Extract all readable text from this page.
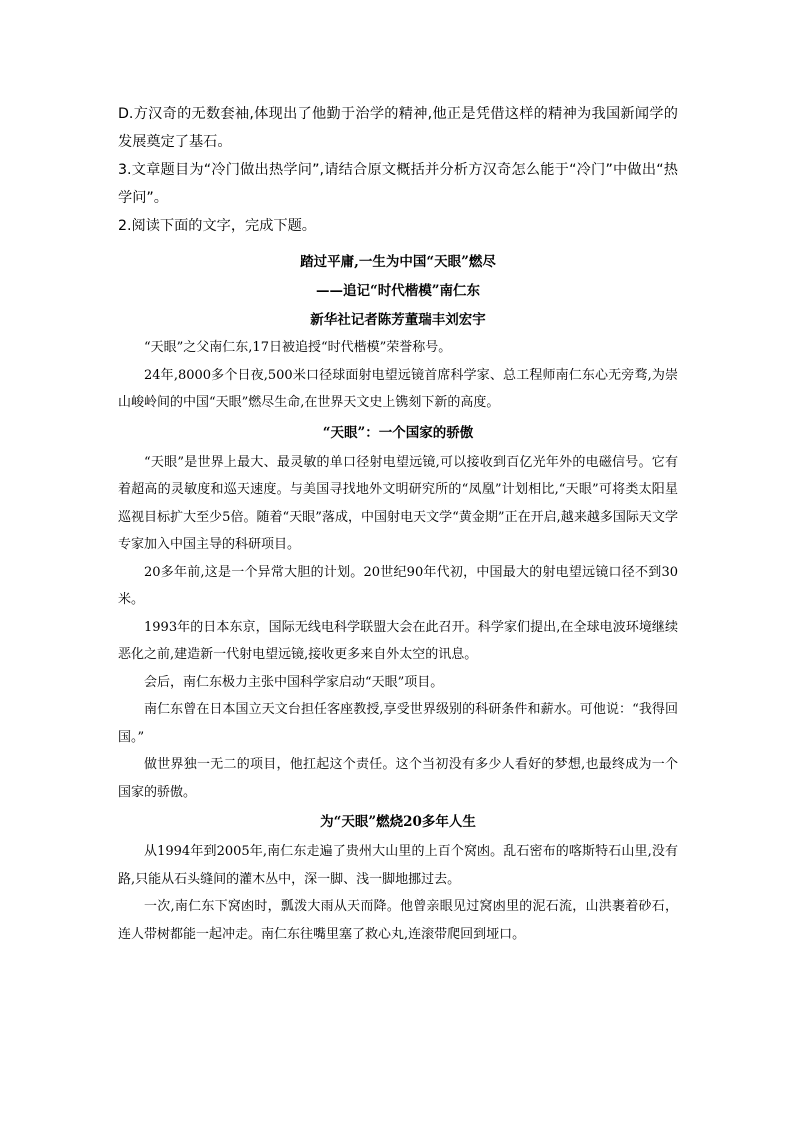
D.方汉奇的无数套袖,体现出了他勤于治学的精神,他正是凭借这样的精神为我国新闻学的发展奠定了基石。

3.文章题目为“冷门做出热学问”,请结合原文概括并分析方汉奇怎么能于“冷门”中做出“热学问”。

2.阅读下面的文字，完成下题。

踏过平庸,一生为中国“天眼”燃尽

——追记“时代楷模”南仁东

新华社记者陈芳董瑞丰刘宏宇

“天眼”之父南仁东,17日被追授“时代楷模”荣誉称号。

24年,8000多个日夜,500米口径球面射电望远镜首席科学家、总工程师南仁东心无旁骛,为崇山峻岭间的中国“天眼”燃尽生命,在世界天文史上镌刻下新的高度。

“天眼”：一个国家的骄傲

“天眼”是世界上最大、最灵敏的单口径射电望远镜,可以接收到百亿光年外的电磁信号。它有着超高的灵敏度和巡天速度。与美国寻找地外文明研究所的“凤凰”计划相比,“天眼”可将类太阳星巡视目标扩大至少5倍。随着“天眼”落成，中国射电天文学“黄金期”正在开启,越来越多国际天文学专家加入中国主导的科研项目。

20多年前,这是一个异常大胆的计划。20世纪90年代初，中国最大的射电望远镜口径不到30米。

1993年的日本东京，国际无线电科学联盟大会在此召开。科学家们提出,在全球电波环境继续恶化之前,建造新一代射电望远镜,接收更多来自外太空的讯息。

会后，南仁东极力主张中国科学家启动“天眼”项目。

南仁东曾在日本国立天文台担任客座教授,享受世界级别的科研条件和薪水。可他说：“我得回国。”

做世界独一无二的项目，他扛起这个责任。这个当初没有多少人看好的梦想,也最终成为一个国家的骄傲。

为“天眼”燃烧20多年人生

从1994年到2005年,南仁东走遍了贵州大山里的上百个窝凼。乱石密布的喀斯特石山里,没有路,只能从石头缝间的灌木丛中，深一脚、浅一脚地挪过去。

一次,南仁东下窝凼时，瓢泼大雨从天而降。他曾亲眼见过窝凼里的泥石流，山洪裹着砂石，连人带树都能一起冲走。南仁东往嘴里塞了救心丸,连滚带爬回到垭口。
